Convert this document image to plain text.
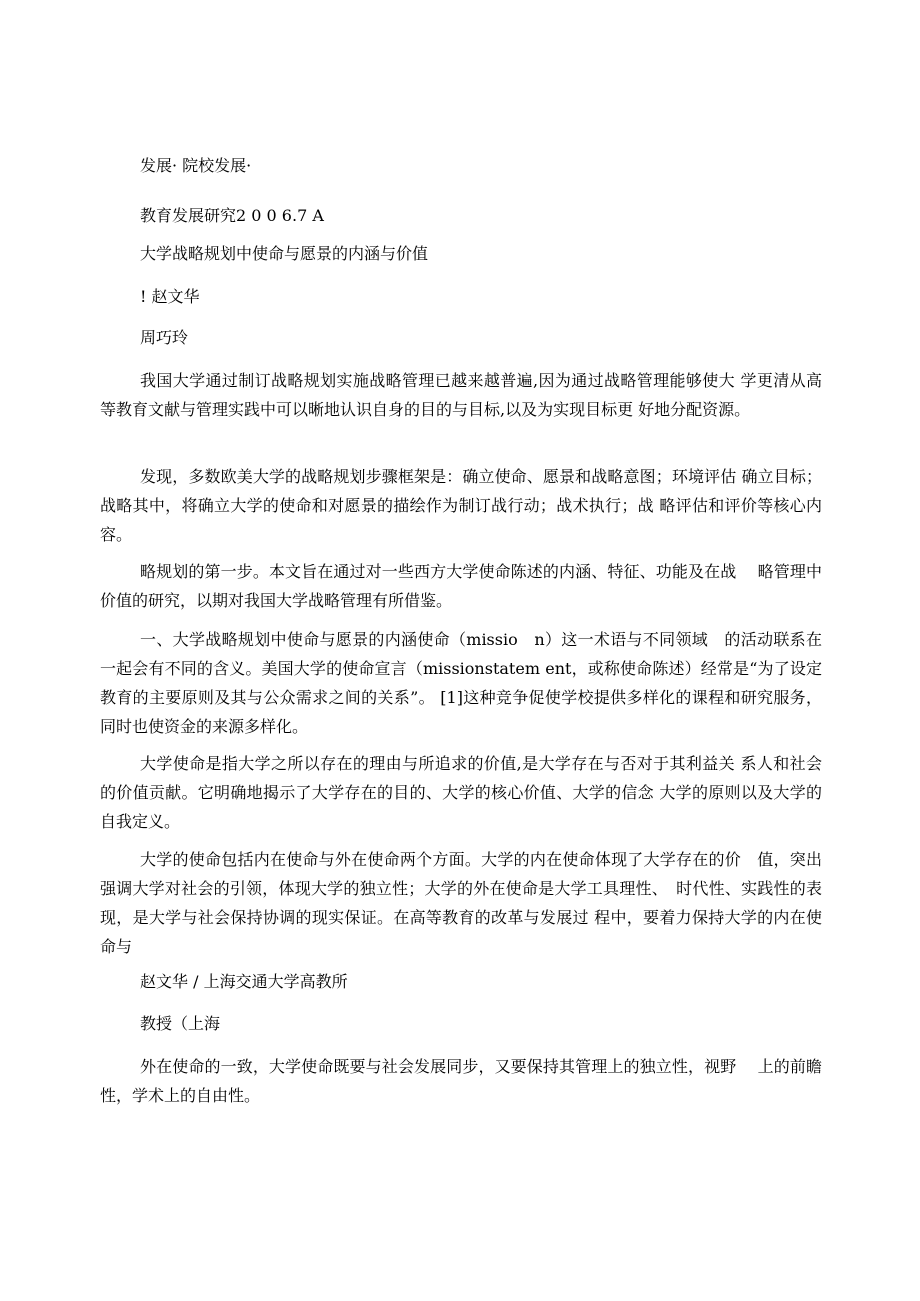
发展· 院校发展·

教育发展研究2 0 0 6.7 A

大学战略规划中使命与愿景的内涵与价值

! 赵文华

周巧玲

我国大学通过制订战略规划实施战略管理已越来越普遍,因为通过战略管理能够使大 学更清从高等教育文献与管理实践中可以晰地认识自身的目的与目标,以及为实现目标更 好地分配资源。

发现，多数欧美大学的战略规划步骤框架是：确立使命、愿景和战略意图；环境评估 确立目标；战略其中，将确立大学的使命和对愿景的描绘作为制订战行动；战术执行；战 略评估和评价等核心内容。

略规划的第一步。本文旨在通过对一些西方大学使命陈述的内涵、特征、功能及在战　 略管理中价值的研究，以期对我国大学战略管理有所借鉴。

一、大学战略规划中使命与愿景的内涵使命（missio　n）这一术语与不同领域　的活动联系在一起会有不同的含义。美国大学的使命宣言（missionstatem ent，或称使命陈述）经常是“为了设定教育的主要原则及其与公众需求之间的关系”。 [1]这种竞争促使学校提供多样化的课程和研究服务，同时也使资金的来源多样化。

大学使命是指大学之所以存在的理由与所追求的价值,是大学存在与否对于其利益关 系人和社会的价值贡献。它明确地揭示了大学存在的目的、大学的核心价值、大学的信念 大学的原则以及大学的自我定义。

大学的使命包括内在使命与外在使命两个方面。大学的内在使命体现了大学存在的价　值，突出强调大学对社会的引领，体现大学的独立性；大学的外在使命是大学工具理性、　时代性、实践性的表现，是大学与社会保持协调的现实保证。在高等教育的改革与发展过 程中，要着力保持大学的内在使命与

赵文华 / 上海交通大学高教所

教授（上海

外在使命的一致，大学使命既要与社会发展同步，又要保持其管理上的独立性，视野　 上的前瞻性，学术上的自由性。
